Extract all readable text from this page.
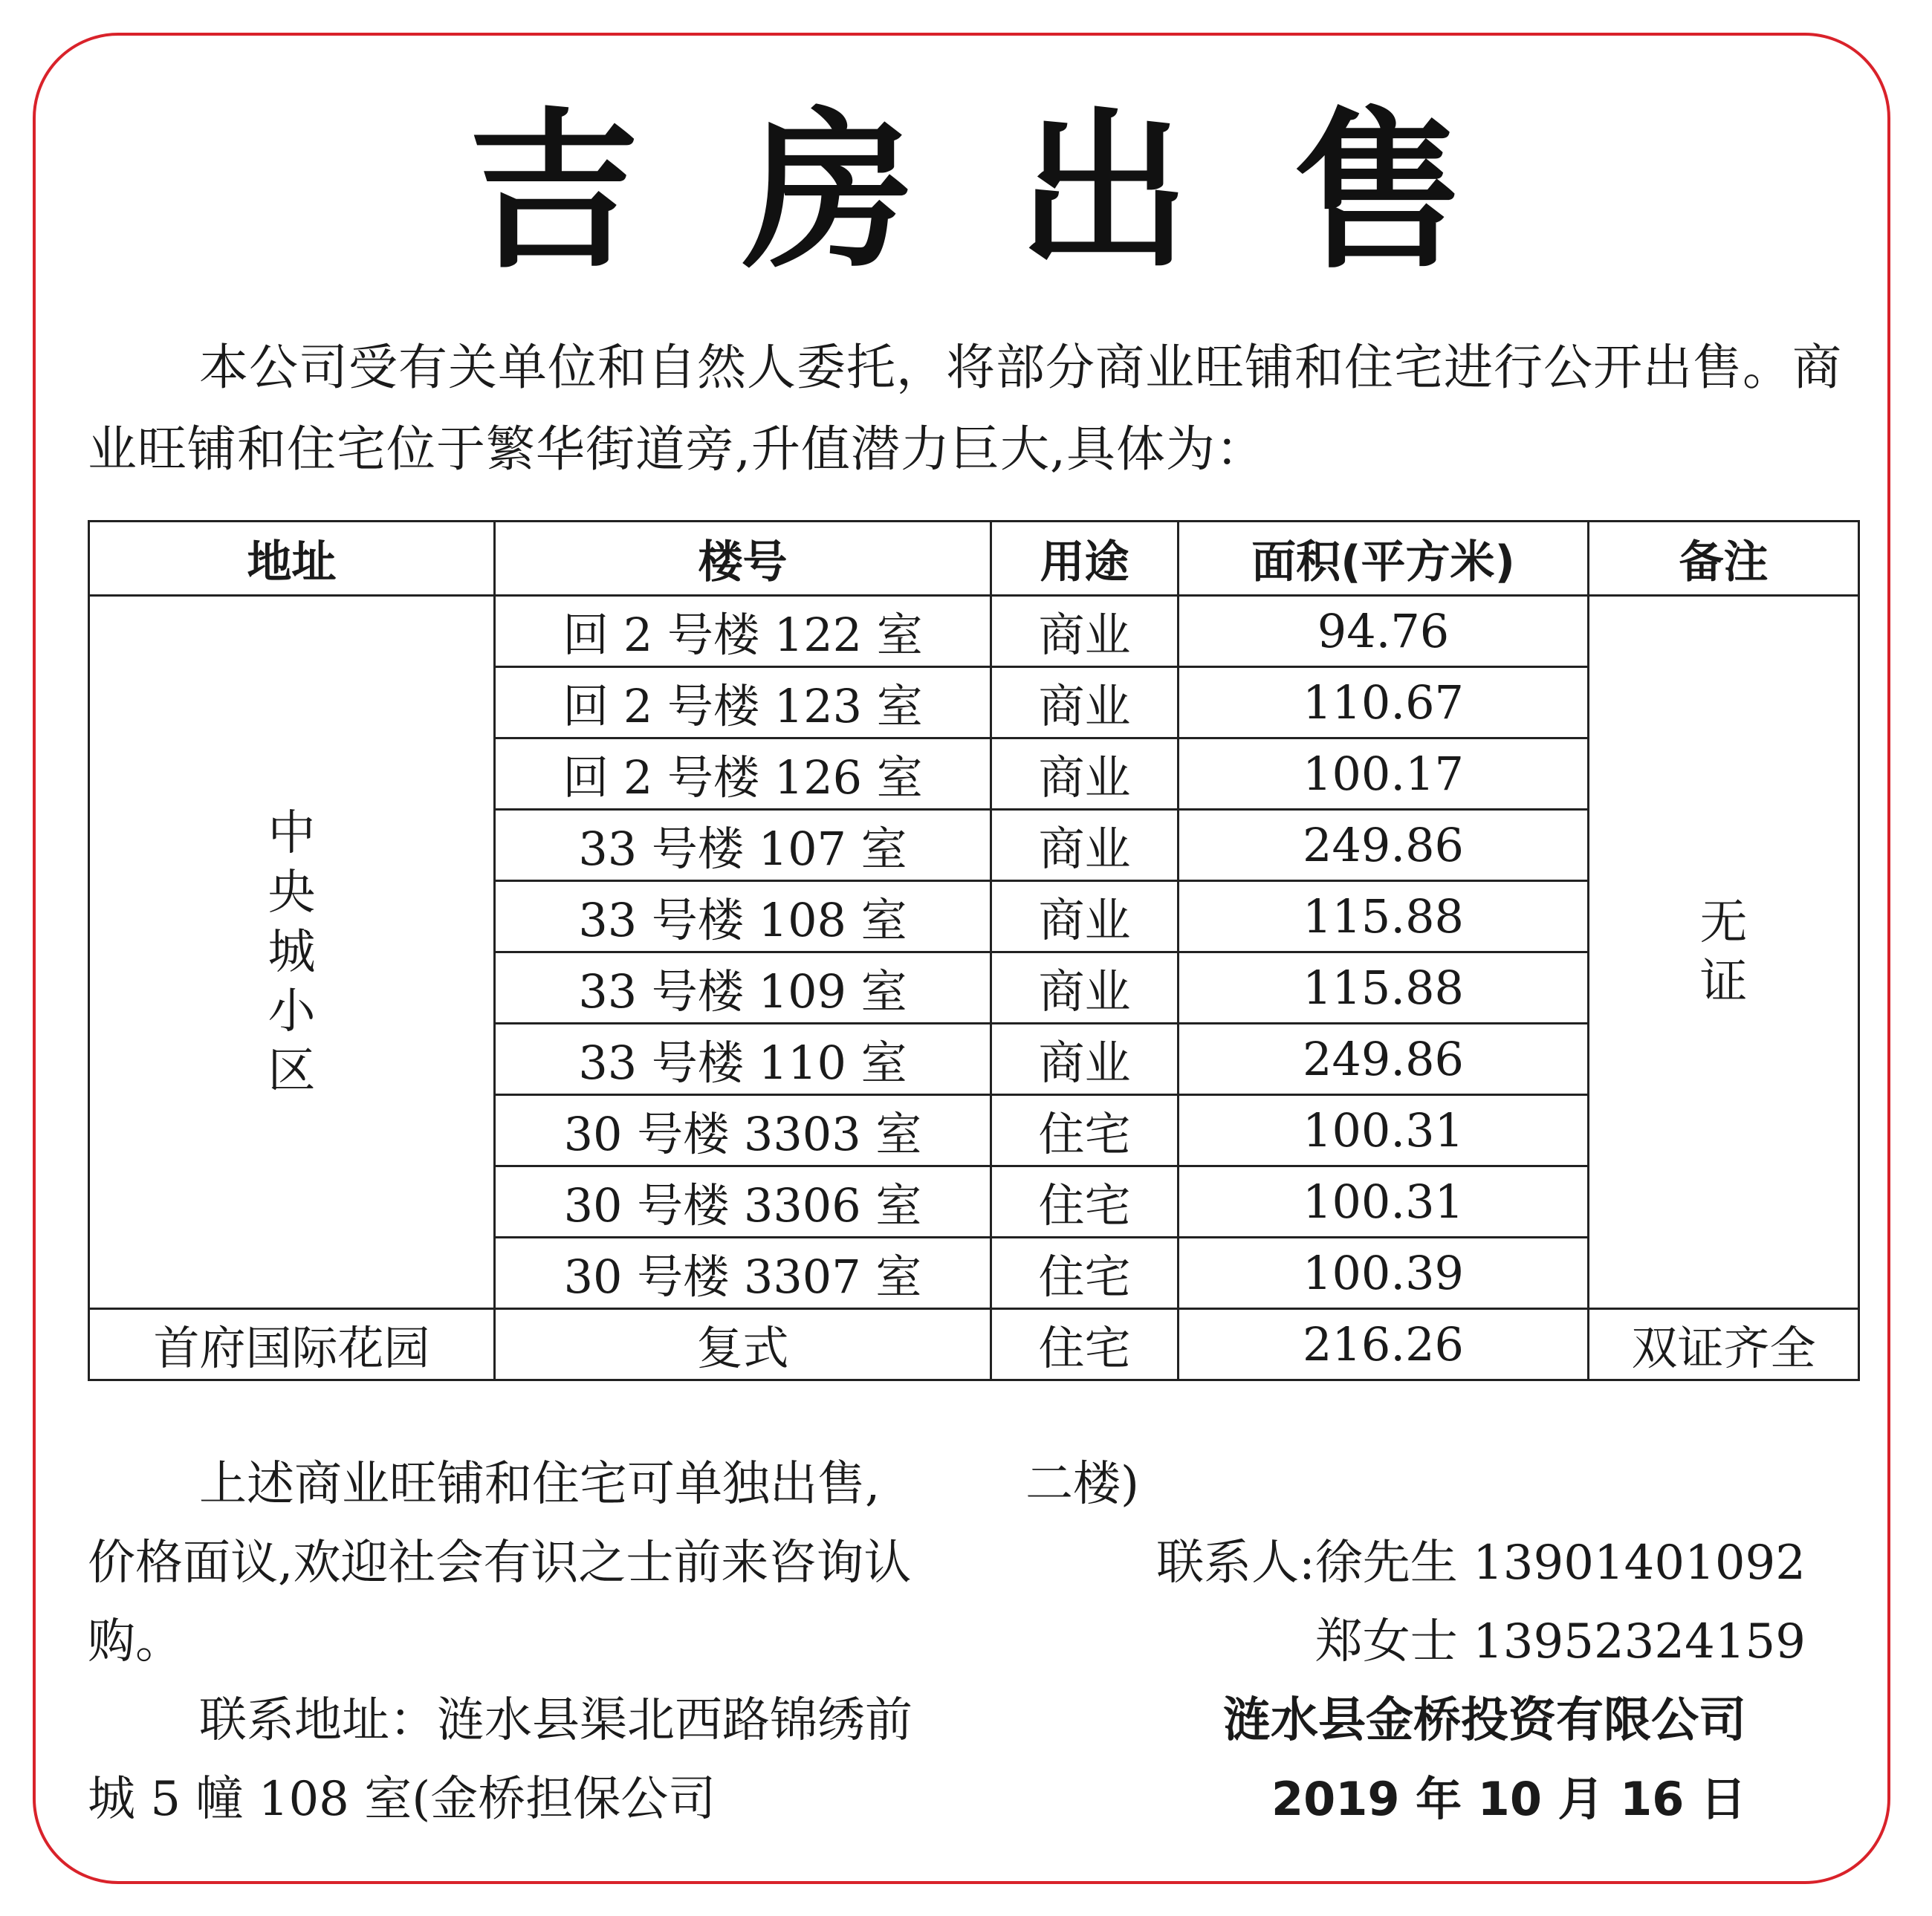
吉房出售
本公司受有关单位和自然人委托，将部分商业旺铺和住宅进行公开出售。商业旺铺和住宅位于繁华街道旁,升值潜力巨大,具体为：
地址	楼号	用途	面积(平方米)	备注
中央城小区	回 2 号楼 122 室	商业	94.76	无证
	回 2 号楼 123 室	商业	110.67	
	回 2 号楼 126 室	商业	100.17	
	33 号楼 107 室	商业	249.86	
	33 号楼 108 室	商业	115.88	
	33 号楼 109 室	商业	115.88	
	33 号楼 110 室	商业	249.86	
	30 号楼 3303 室	住宅	100.31	
	30 号楼 3306 室	住宅	100.31	
	30 号楼 3307 室	住宅	100.39	
首府国际花园	复式	住宅	216.26	双证齐全

上述商业旺铺和住宅可单独出售,价格面议,欢迎社会有识之士前来咨询认购。

联系地址：涟水县渠北西路锦绣前城 5 幢 108 室(金桥担保公司

二楼)

联系人:徐先生 13901401092

郑女士 13952324159

涟水县金桥投资有限公司

2019 年 10 月 16 日
